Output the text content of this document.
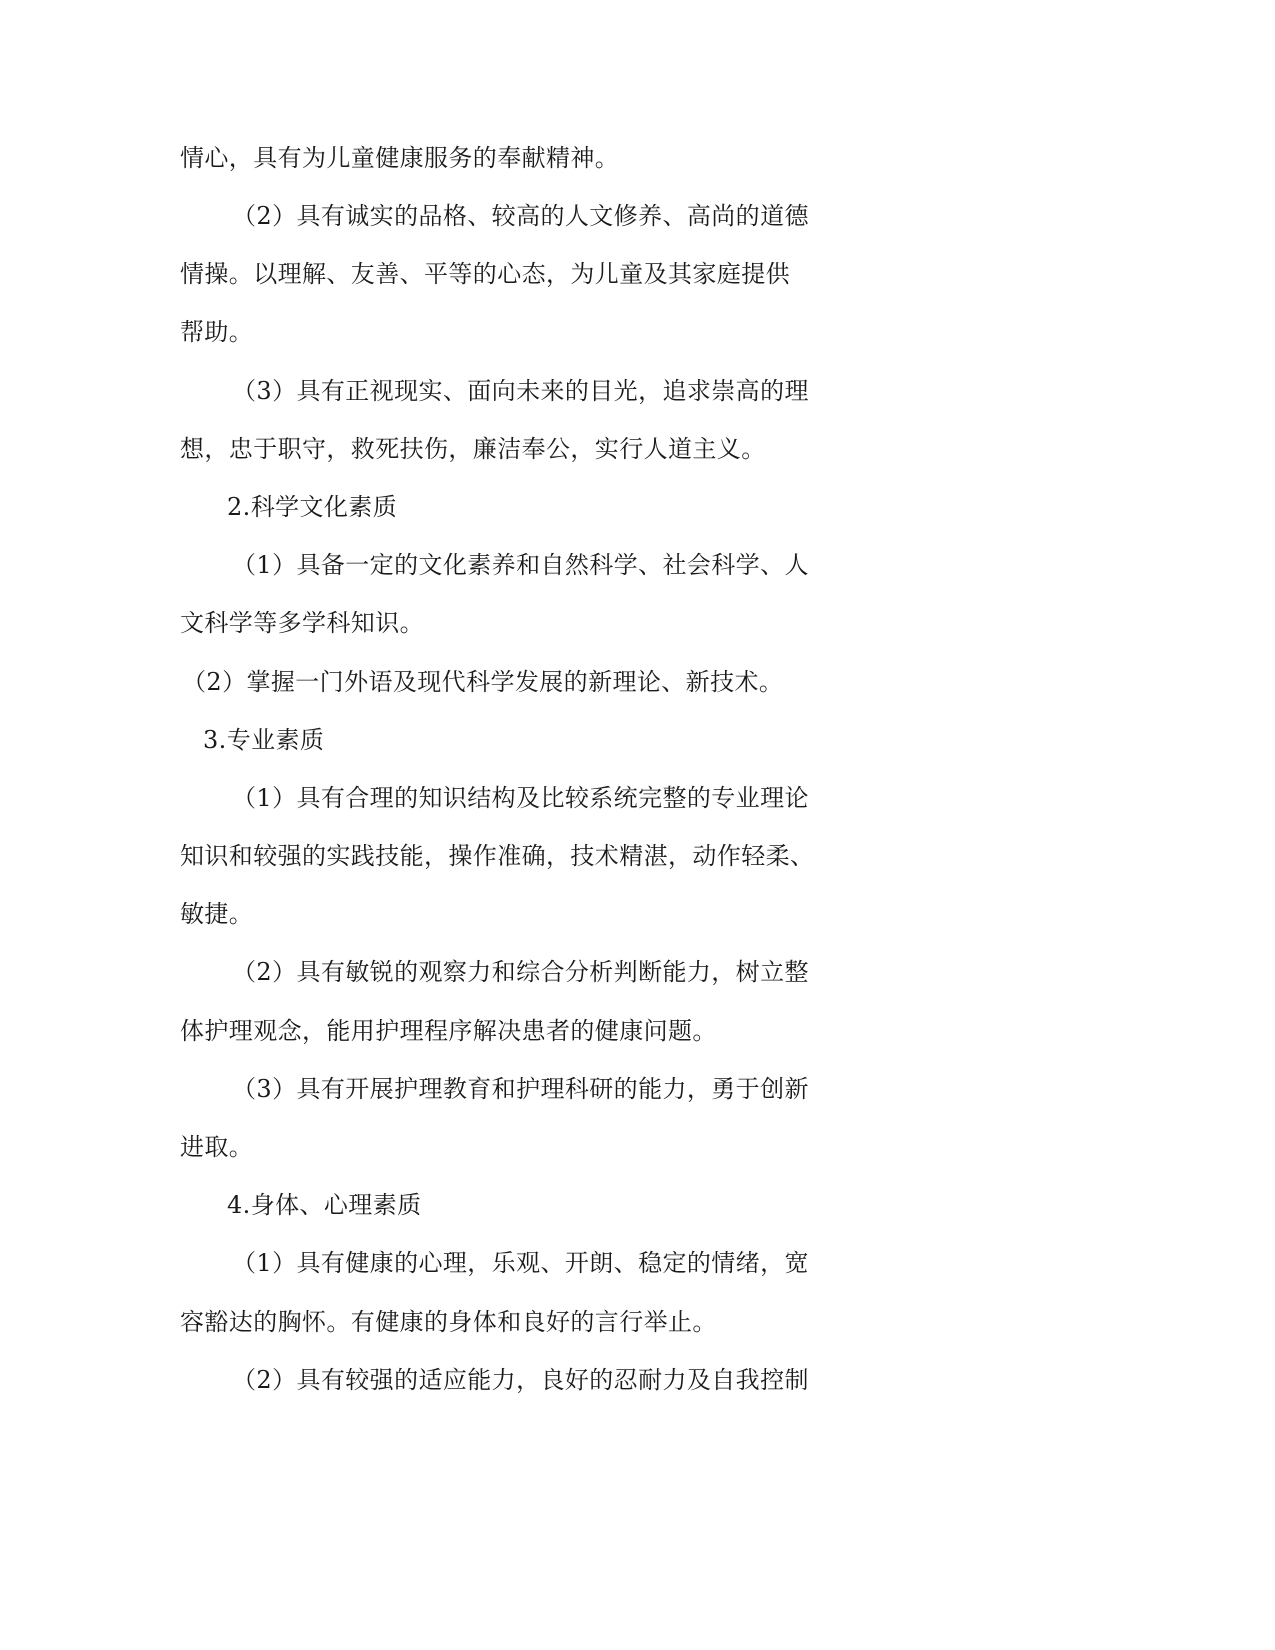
情心，具有为儿童健康服务的奉献精神。

（2）具有诚实的品格、较高的人文修养、高尚的道德

情操。以理解、友善、平等的心态，为儿童及其家庭提供

帮助。

（3）具有正视现实、面向未来的目光，追求崇高的理

想，忠于职守，救死扶伤，廉洁奉公，实行人道主义。

2.科学文化素质

（1）具备一定的文化素养和自然科学、社会科学、人

文科学等多学科知识。

（2）掌握一门外语及现代科学发展的新理论、新技术。

3.专业素质

（1）具有合理的知识结构及比较系统完整的专业理论

知识和较强的实践技能，操作准确，技术精湛，动作轻柔、

敏捷。

（2）具有敏锐的观察力和综合分析判断能力，树立整

体护理观念，能用护理程序解决患者的健康问题。

（3）具有开展护理教育和护理科研的能力，勇于创新

进取。

4.身体、心理素质

（1）具有健康的心理，乐观、开朗、稳定的情绪，宽

容豁达的胸怀。有健康的身体和良好的言行举止。

（2）具有较强的适应能力，良好的忍耐力及自我控制
